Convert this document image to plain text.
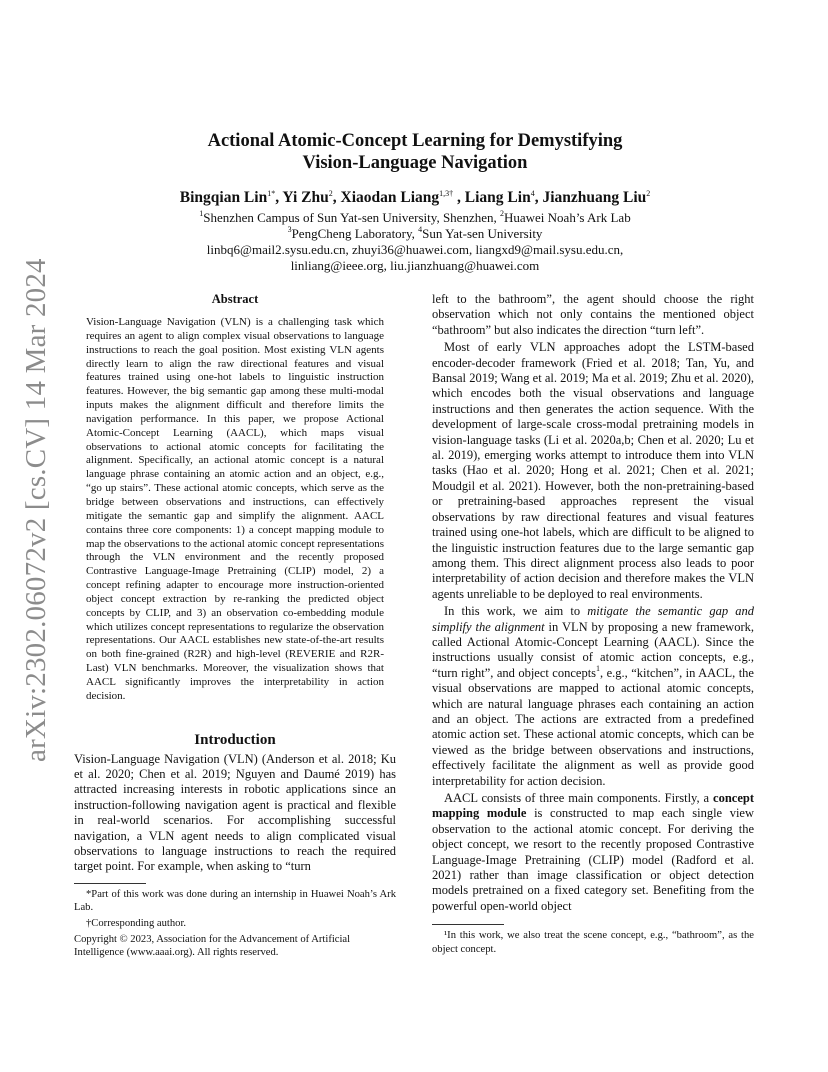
arXiv:2302.06072v2 [cs.CV] 14 Mar 2024
Actional Atomic-Concept Learning for Demystifying
Vision-Language Navigation
Bingqian Lin$^{1*}$, Yi Zhu$^2$, Xiaodan Liang$^{1,3\dagger}$ , Liang Lin$^4$, Jianzhuang Liu$^2$
$^1$Shenzhen Campus of Sun Yat-sen University, Shenzhen, $^2$Huawei Noah’s Ark Lab
$^3$PengCheng Laboratory, $^4$Sun Yat-sen University
linbq6@mail2.sysu.edu.cn, zhuyi36@huawei.com, liangxd9@mail.sysu.edu.cn,
linliang@ieee.org, liu.jianzhuang@huawei.com
Abstract

Vision-Language Navigation (VLN) is a challenging task which requires an agent to align complex visual observations to language instructions to reach the goal position. Most existing VLN agents directly learn to align the raw directional features and visual features trained using one-hot labels to linguistic instruction features. However, the big semantic gap among these multi-modal inputs makes the alignment difficult and therefore limits the navigation performance. In this paper, we propose Actional Atomic-Concept Learning (AACL), which maps visual observations to actional atomic concepts for facilitating the alignment. Specifically, an actional atomic concept is a natural language phrase containing an atomic action and an object, e.g., “go up stairs”. These actional atomic concepts, which serve as the bridge between observations and instructions, can effectively mitigate the semantic gap and simplify the alignment. AACL contains three core components: 1) a concept mapping module to map the observations to the actional atomic concept representations through the VLN environment and the recently proposed Contrastive Language-Image Pretraining (CLIP) model, 2) a concept refining adapter to encourage more instruction-oriented object concept extraction by re-ranking the predicted object concepts by CLIP, and 3) an observation co-embedding module which utilizes concept representations to regularize the observation representations. Our AACL establishes new state-of-the-art results on both fine-grained (R2R) and high-level (REVERIE and R2R-Last) VLN benchmarks. Moreover, the visualization shows that AACL significantly improves the interpretability in action decision.

Introduction

Vision-Language Navigation (VLN) (Anderson et al. 2018; Ku et al. 2020; Chen et al. 2019; Nguyen and Daumé 2019) has attracted increasing interests in robotic applications since an instruction-following navigation agent is practical and flexible in real-world scenarios. For accomplishing successful navigation, a VLN agent needs to align complicated visual observations to language instructions to reach the required target point. For example, when asking to “turn

*Part of this work was done during an internship in Huawei Noah’s Ark Lab.

†Corresponding author.

Copyright © 2023, Association for the Advancement of Artificial Intelligence (www.aaai.org). All rights reserved.

left to the bathroom”, the agent should choose the right observation which not only contains the mentioned object “bathroom” but also indicates the direction “turn left”.

Most of early VLN approaches adopt the LSTM-based encoder-decoder framework (Fried et al. 2018; Tan, Yu, and Bansal 2019; Wang et al. 2019; Ma et al. 2019; Zhu et al. 2020), which encodes both the visual observations and language instructions and then generates the action sequence. With the development of large-scale cross-modal pretraining models in vision-language tasks (Li et al. 2020a,b; Chen et al. 2020; Lu et al. 2019), emerging works attempt to introduce them into VLN tasks (Hao et al. 2020; Hong et al. 2021; Chen et al. 2021; Moudgil et al. 2021). However, both the non-pretraining-based or pretraining-based approaches represent the visual observations by raw directional features and visual features trained using one-hot labels, which are difficult to be aligned to the linguistic instruction features due to the large semantic gap among them. This direct alignment process also leads to poor interpretability of action decision and therefore makes the VLN agents unreliable to be deployed to real environments.

In this work, we aim to mitigate the semantic gap and simplify the alignment in VLN by proposing a new framework, called Actional Atomic-Concept Learning (AACL). Since the instructions usually consist of atomic action concepts, e.g., “turn right”, and object concepts$^1$, e.g., “kitchen”, in AACL, the visual observations are mapped to actional atomic concepts, which are natural language phrases each containing an action and an object. The actions are extracted from a predefined atomic action set. These actional atomic concepts, which can be viewed as the bridge between observations and instructions, effectively facilitate the alignment as well as provide good interpretability for action decision.

AACL consists of three main components. Firstly, a concept mapping module is constructed to map each single view observation to the actional atomic concept. For deriving the object concept, we resort to the recently proposed Contrastive Language-Image Pretraining (CLIP) model (Radford et al. 2021) rather than image classification or object detection models pretrained on a fixed category set. Benefiting from the powerful open-world object

¹In this work, we also treat the scene concept, e.g., “bathroom”, as the object concept.
